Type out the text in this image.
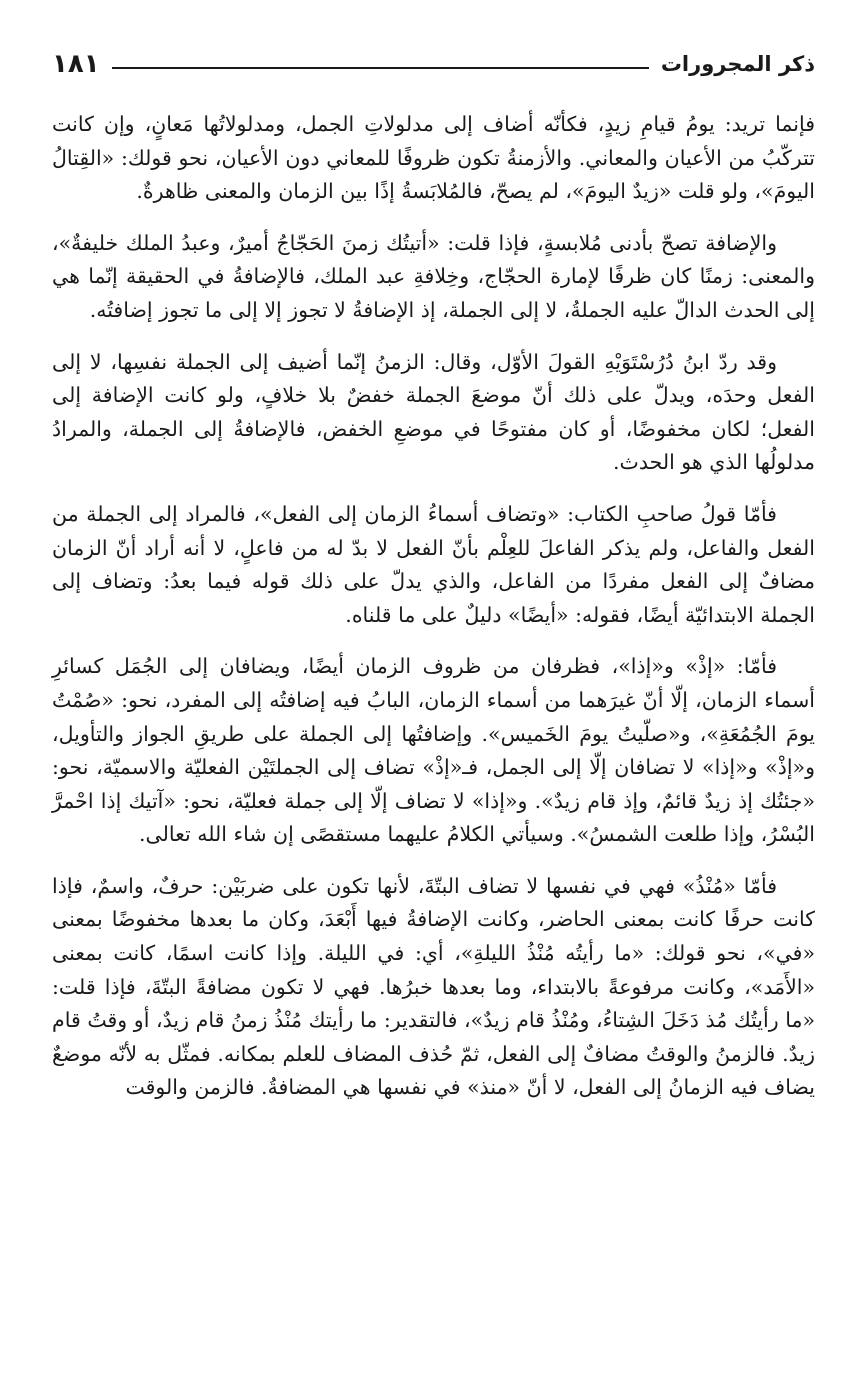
ذكر المجرورات
١٨١

فإنما تريد: يومُ قيامِ زيدٍ، فكأنّه أضاف إلى مدلولاتِ الجمل، ومدلولاتُها مَعانٍ، وإن كانت تتركّبُ من الأعيان والمعاني. والأزمنةُ تكون ظروفًا للمعاني دون الأعيان، نحو قولك: «القِتالُ اليومَ»، ولو قلت «زيدٌ اليومَ»، لم يصحّ، فالمُلابَسةُ إذًا بين الزمان والمعنى ظاهرةٌ.

والإضافة تصحّ بأدنى مُلابسةٍ، فإذا قلت: «أتيتُك زمنَ الحَجّاجُ أميرٌ، وعبدُ الملك خليفةٌ»، والمعنى: زمنًا كان ظرفًا لإمارة الحجّاج، وخِلافةِ عبد الملك، فالإضافةُ في الحقيقة إنّما هي إلى الحدث الدالّ عليه الجملةُ، لا إلى الجملة، إذ الإضافةُ لا تجوز إلا إلى ما تجوز إضافتُه.

وقد ردّ ابنُ دُرُسْتَوَيْهِ القولَ الأوّل، وقال: الزمنُ إنّما أضيف إلى الجملة نفسِها، لا إلى الفعل وحدَه، ويدلّ على ذلك أنّ موضعَ الجملة خفضٌ بلا خلافٍ، ولو كانت الإضافة إلى الفعل؛ لكان مخفوضًا، أو كان مفتوحًا في موضعِ الخفض، فالإضافةُ إلى الجملة، والمرادُ مدلولُها الذي هو الحدث.

فأمّا قولُ صاحبِ الكتاب: «وتضاف أسماءُ الزمان إلى الفعل»، فالمراد إلى الجملة من الفعل والفاعل، ولم يذكر الفاعلَ للعِلْم بأنّ الفعل لا بدّ له من فاعلٍ، لا أنه أراد أنّ الزمان مضافٌ إلى الفعل مفردًا من الفاعل، والذي يدلّ على ذلك قوله فيما بعدُ: وتضاف إلى الجملة الابتدائيّة أيضًا، فقوله: «أيضًا» دليلٌ على ما قلناه.

فأمّا: «إذْ» و«إذا»، فظرفان من ظروف الزمان أيضًا، ويضافان إلى الجُمَل كسائرِ أسماء الزمان، إلّا أنّ غيرَهما من أسماء الزمان، البابُ فيه إضافتُه إلى المفرد، نحو: «صُمْتُ يومَ الجُمُعَةِ»، و«صلّيتُ يومَ الخَميس». وإضافتُها إلى الجملة على طريقِ الجواز والتأويل، و«إذْ» و«إذا» لا تضافان إلّا إلى الجمل، فـ«إذْ» تضاف إلى الجملتَيْن الفعليّة والاسميّة، نحو: «جئتُك إذ زيدٌ قائمٌ، وإذ قام زيدٌ». و«إذا» لا تضاف إلّا إلى جملة فعليّة، نحو: «آتيك إذا احْمرَّ البُسْرُ، وإذا طلعت الشمسُ». وسيأتي الكلامُ عليهما مستقصًى إن شاء الله تعالى.

فأمّا «مُنْذُ» فهي في نفسها لا تضاف البتّةَ، لأنها تكون على ضربَيْن: حرفٌ، واسمٌ، فإذا كانت حرفًا كانت بمعنى الحاضر، وكانت الإضافةُ فيها أَبْعَدَ، وكان ما بعدها مخفوضًا بمعنى «في»، نحو قولك: «ما رأيتُه مُنْذُ الليلةِ»، أي: في الليلة. وإذا كانت اسمًا، كانت بمعنى «الأَمَد»، وكانت مرفوعةً بالابتداء، وما بعدها خبرُها. فهي لا تكون مضافةً البتّةَ، فإذا قلت: «ما رأيتُك مُذ دَخَلَ الشِتاءُ، ومُنْذُ قام زيدٌ»، فالتقدير: ما رأيتك مُنْذُ زمنُ قام زيدٌ، أو وقتُ قام زيدٌ. فالزمنُ والوقتُ مضافٌ إلى الفعل، ثمّ حُذف المضاف للعلم بمكانه. فمثّل به لأنّه موضعٌ يضاف فيه الزمانُ إلى الفعل، لا أنّ «منذ» في نفسها هي المضافةُ. فالزمن والوقت
